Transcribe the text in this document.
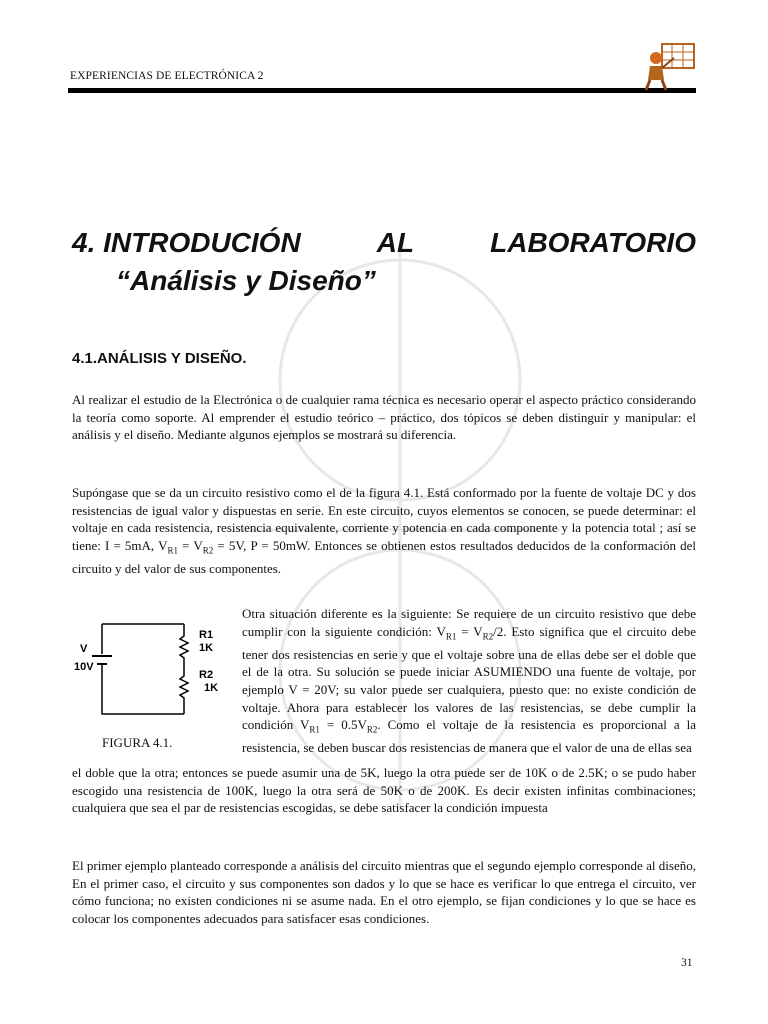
EXPERIENCIAS DE ELECTRÓNICA 2
4. INTRODUCIÓN	AL	LABORATORIO
“Análisis y Diseño”
4.1.ANÁLISIS Y DISEÑO.

Al realizar el estudio de la Electrónica o de cualquier rama técnica es necesario operar el aspecto práctico considerando la teoría como soporte. Al emprender el estudio teórico – práctico, dos tópicos se deben distinguir y manipular: el análisis y el diseño. Mediante algunos ejemplos se mostrará su diferencia.

Supóngase que se da un circuito resistivo como el de la figura 4.1. Está conformado por la fuente de voltaje DC y dos resistencias de igual valor y dispuestas en serie. En este circuito, cuyos elementos se conocen, se puede determinar: el voltaje en cada resistencia, resistencia equivalente, corriente y potencia en cada componente y la potencia total ; así se tiene: I = 5mA, $V_{R1} = V_{R2} = 5V$, P = 50mW. Entonces se obtienen estos resultados deducidos de la conformación del circuito y del valor de sus componentes.

V
10V
R1
1K
R2
1K
FIGURA 4.1.

Otra situación diferente es la siguiente: Se requiere de un circuito resistivo que debe cumplir con la siguiente condición: $V_{R1} = V_{R2}/2$. Esto significa que el circuito debe tener dos resistencias en serie y que el voltaje sobre una de ellas debe ser el doble que el de la otra. Su solución se puede iniciar ASUMIENDO una fuente de voltaje, por ejemplo V = 20V; su valor puede ser cualquiera, puesto que: no existe condición de voltaje. Ahora para establecer los valores de las resistencias, se debe cumplir la condición $V_{R1} = 0.5V_{R2}$. Como el voltaje de la resistencia es proporcional a la resistencia, se deben buscar dos resistencias de manera que el valor de una de ellas sea

el doble que la otra; entonces se puede asumir una de 5K, luego la otra puede ser de 10K o de 2.5K; o se pudo haber escogido una resistencia de 100K, luego la otra será de 50K o de 200K. Es decir existen infinitas combinaciones; cualquiera que sea el par de resistencias escogidas, se debe satisfacer la condición impuesta

El primer ejemplo planteado corresponde a análisis del circuito mientras que el segundo ejemplo corresponde al diseño, En el primer caso, el circuito y sus componentes son dados y lo que se hace es verificar lo que entrega el circuito, ver cómo funciona; no existen condiciones ni se asume nada. En el otro ejemplo, se fijan condiciones y lo que se hace es colocar los componentes adecuados para satisfacer esas condiciones.

31
